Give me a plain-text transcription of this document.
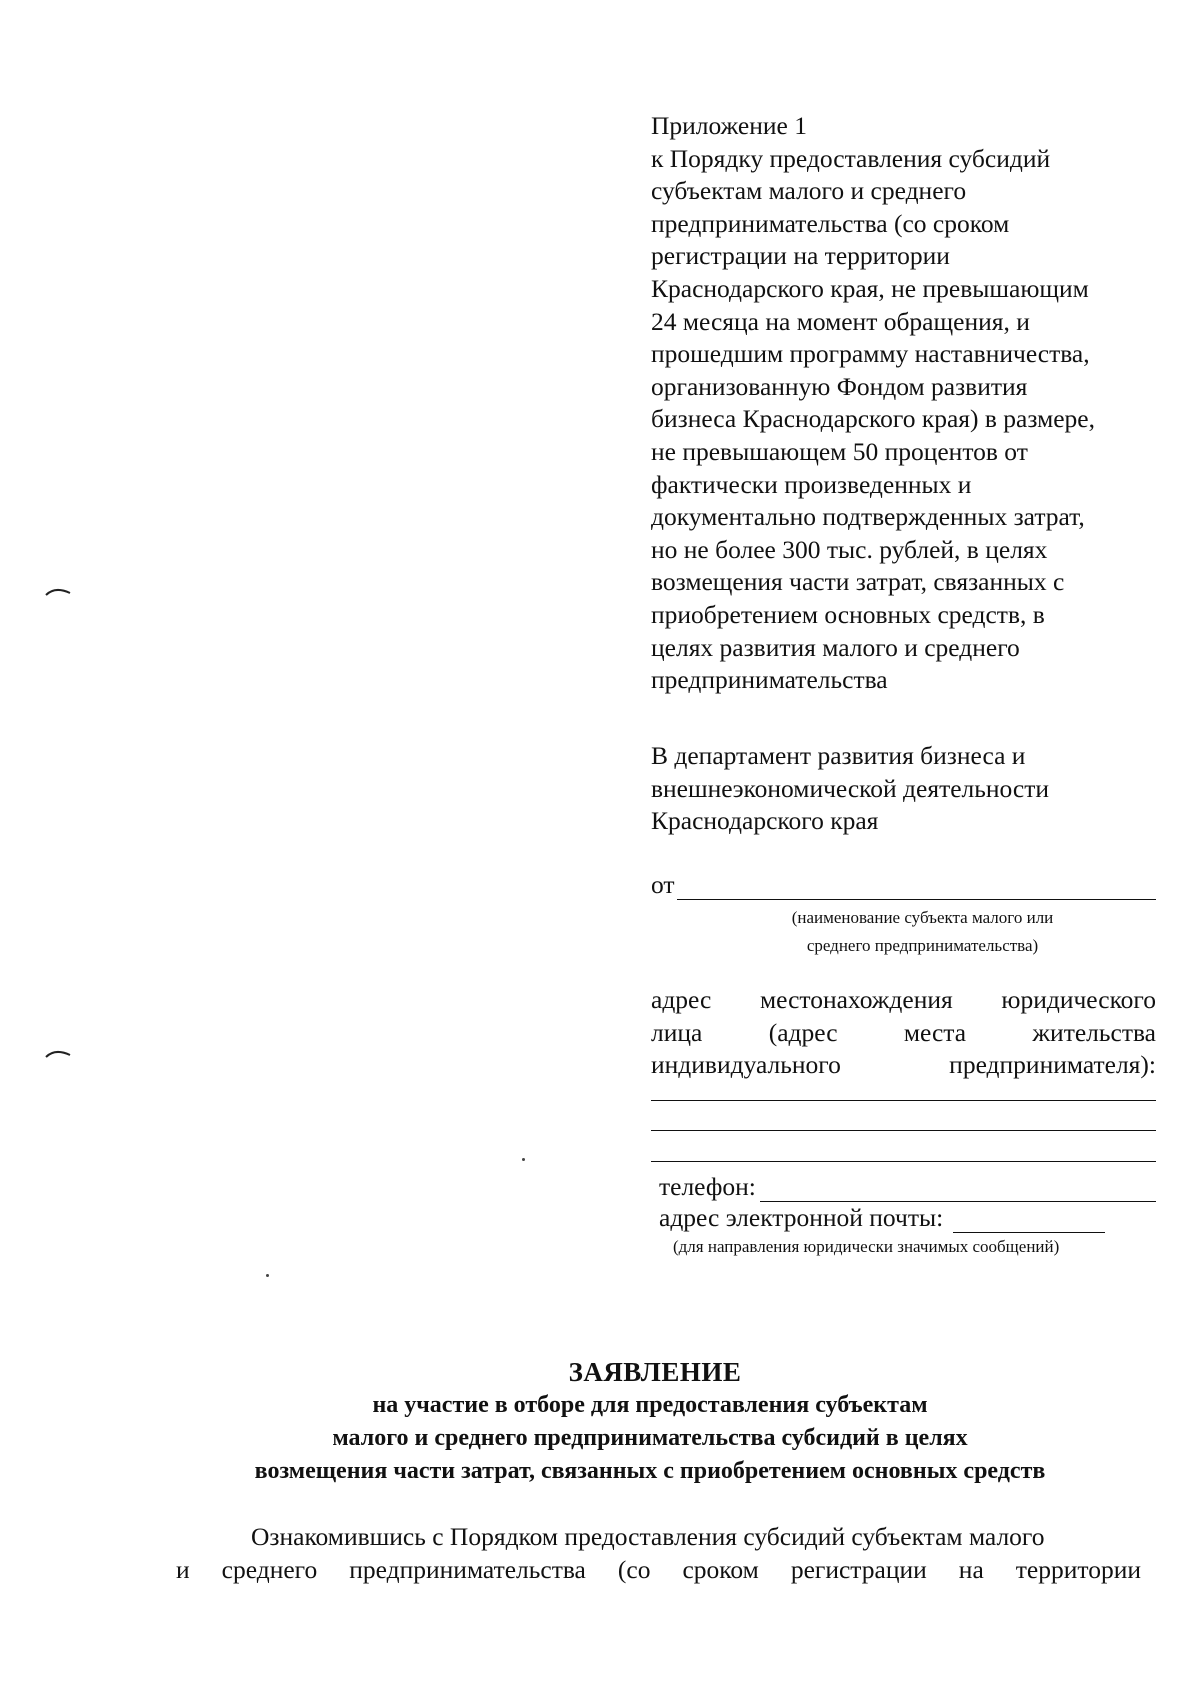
Приложение 1
к Порядку предоставления субсидий
субъектам малого и среднего
предпринимательства (со сроком
регистрации на территории
Краснодарского края, не превышающим
24 месяца на момент обращения, и
прошедшим программу наставничества,
организованную Фондом развития
бизнеса Краснодарского края) в размере,
не превышающем 50 процентов от
фактически произведенных и
документально подтвержденных затрат,
но не более 300 тыс. рублей, в целях
возмещения части затрат, связанных с
приобретением основных средств, в
целях развития малого и среднего
предпринимательства
В департамент развития бизнеса и
внешнеэкономической деятельности
Краснодарского края
от
(наименование субъекта малого или
среднего предпринимательства)
адрес местонахождения юридического
лица (адрес места жительства
индивидуального предпринимателя):
телефон:
адрес электронной почты:
(для направления юридически значимых сообщений)
ЗАЯВЛЕНИЕ
на участие в отборе для предоставления субъектам
малого и среднего предпринимательства субсидий в целях
возмещения части затрат, связанных с приобретением основных средств
Ознакомившись с Порядком предоставления субсидий субъектам малого
и среднего предпринимательства (со сроком регистрации на территории
